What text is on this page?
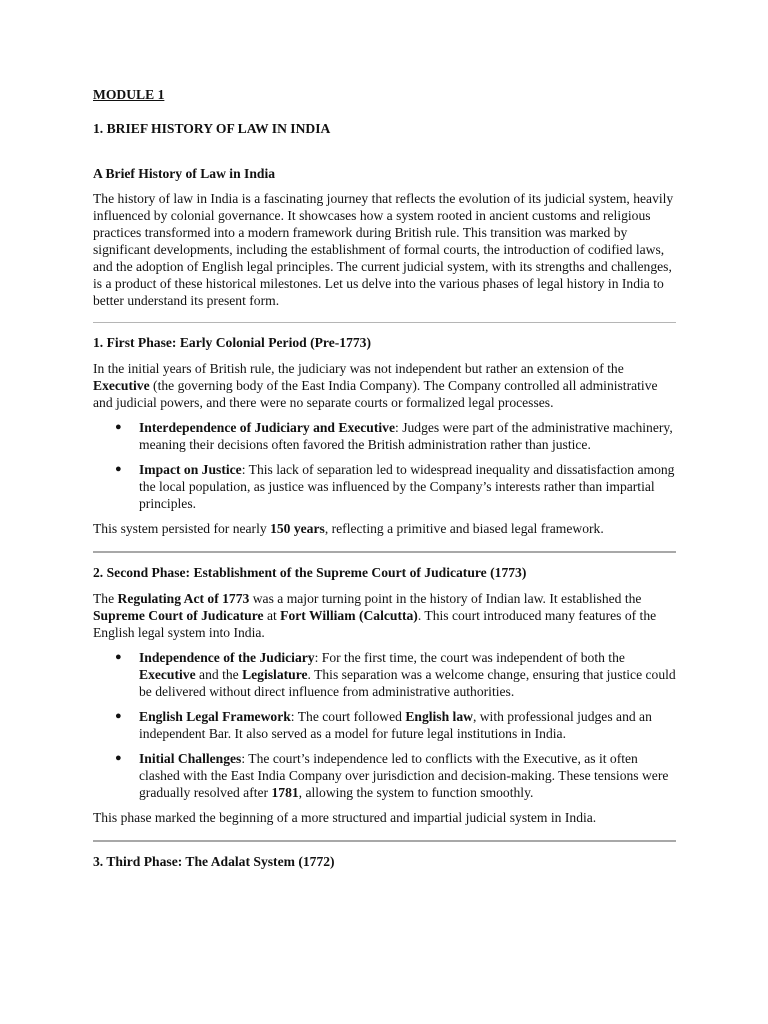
MODULE 1
1. BRIEF HISTORY OF LAW IN INDIA
A Brief History of Law in India

The history of law in India is a fascinating journey that reflects the evolution of its judicial system, heavily influenced by colonial governance. It showcases how a system rooted in ancient customs and religious practices transformed into a modern framework during British rule. This transition was marked by significant developments, including the establishment of formal courts, the introduction of codified laws, and the adoption of English legal principles. The current judicial system, with its strengths and challenges, is a product of these historical milestones. Let us delve into the various phases of legal history in India to better understand its present form.

1. First Phase: Early Colonial Period (Pre-1773)

In the initial years of British rule, the judiciary was not independent but rather an extension of the Executive (the governing body of the East India Company). The Company controlled all administrative and judicial powers, and there were no separate courts or formalized legal processes.

● Interdependence of Judiciary and Executive: Judges were part of the administrative machinery, meaning their decisions often favored the British administration rather than justice.
● Impact on Justice: This lack of separation led to widespread inequality and dissatisfaction among the local population, as justice was influenced by the Company’s interests rather than impartial principles.

This system persisted for nearly 150 years, reflecting a primitive and biased legal framework.

2. Second Phase: Establishment of the Supreme Court of Judicature (1773)

The Regulating Act of 1773 was a major turning point in the history of Indian law. It established the Supreme Court of Judicature at Fort William (Calcutta). This court introduced many features of the English legal system into India.

● Independence of the Judiciary: For the first time, the court was independent of both the Executive and the Legislature. This separation was a welcome change, ensuring that justice could be delivered without direct influence from administrative authorities.
● English Legal Framework: The court followed English law, with professional judges and an independent Bar. It also served as a model for future legal institutions in India.
● Initial Challenges: The court’s independence led to conflicts with the Executive, as it often clashed with the East India Company over jurisdiction and decision-making. These tensions were gradually resolved after 1781, allowing the system to function smoothly.

This phase marked the beginning of a more structured and impartial judicial system in India.

3. Third Phase: The Adalat System (1772)
